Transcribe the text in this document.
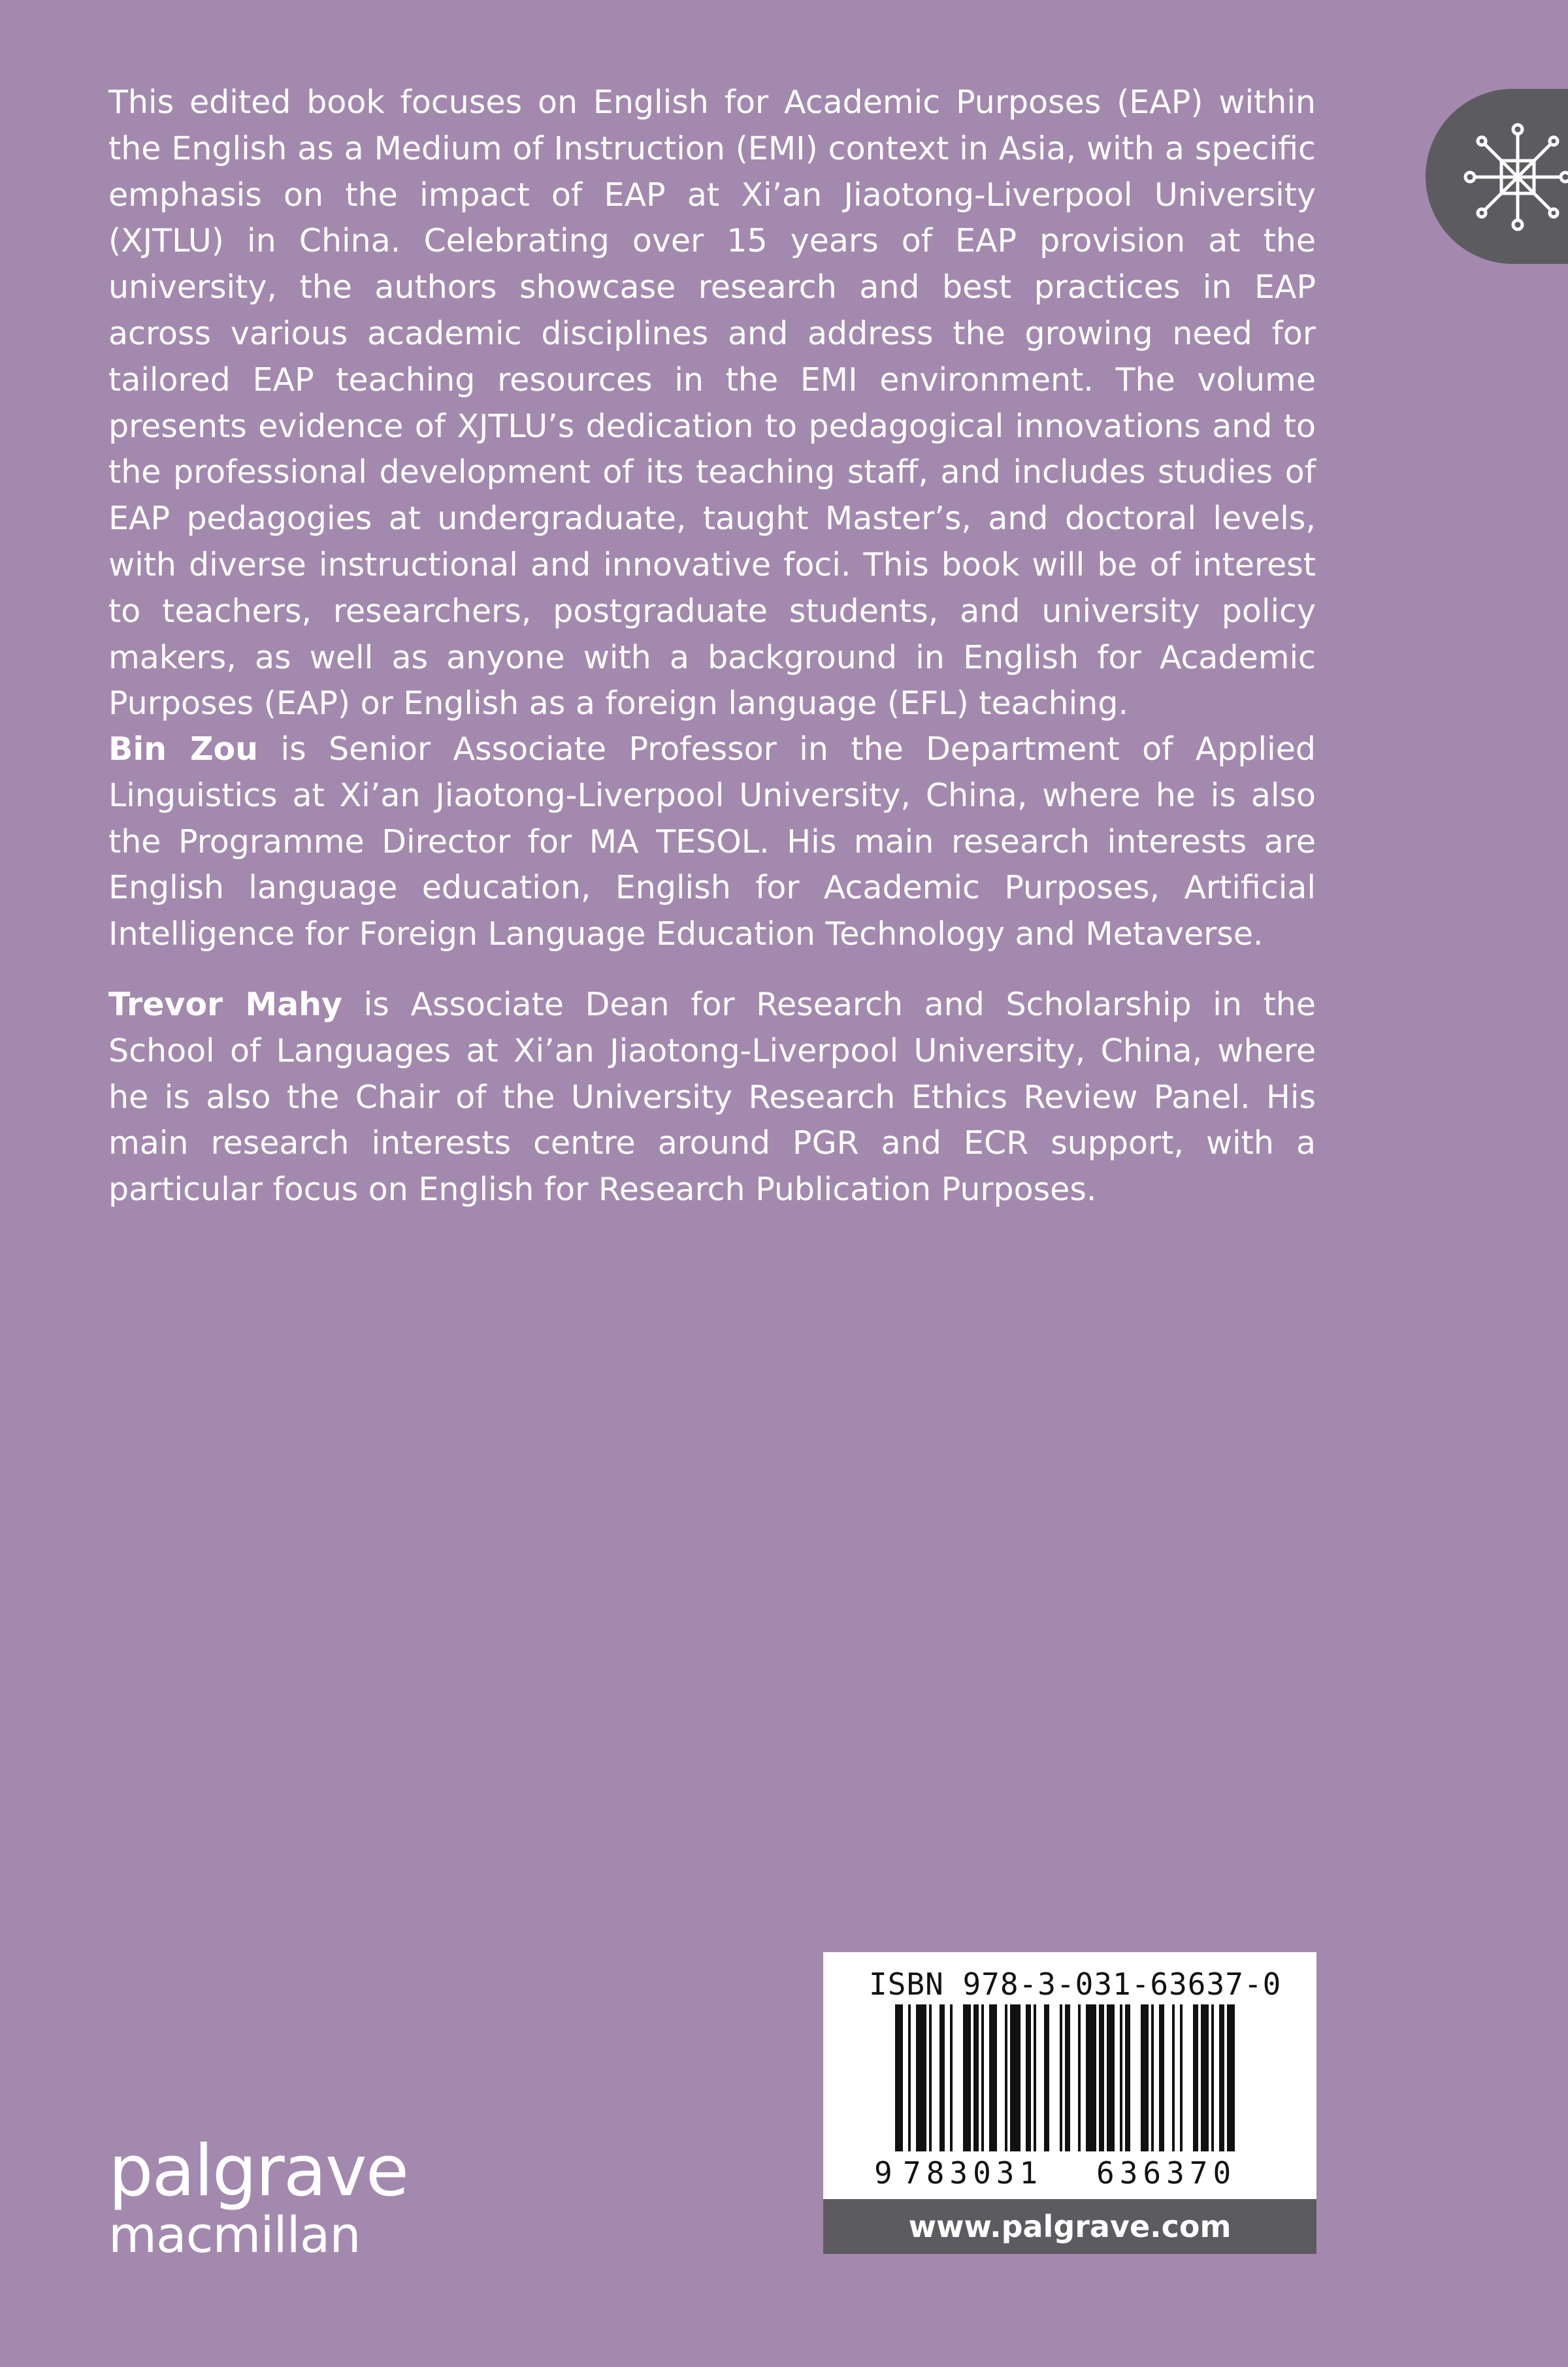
This edited book focuses on English for Academic Purposes (EAP) within the English as a Medium of Instruction (EMI) context in Asia, with a specific emphasis on the impact of EAP at Xi’an Jiaotong-Liverpool University (XJTLU) in China. Celebrating over 15 years of EAP provision at the university, the authors showcase research and best practices in EAP across various academic disciplines and address the growing need for tailored EAP teaching resources in the EMI environment. The volume presents evidence of XJTLU’s dedication to pedagogical innovations and to the professional development of its teaching staff, and includes studies of EAP pedagogies at undergraduate, taught Master’s, and doctoral levels, with diverse instructional and innovative foci. This book will be of interest to teachers, researchers, postgraduate students, and university policy makers, as well as anyone with a background in English for Academic Purposes (EAP) or English as a foreign language (EFL) teaching.

Bin Zou is Senior Associate Professor in the Department of Applied Linguistics at Xi’an Jiaotong-Liverpool University, China, where he is also the Programme Director for MA TESOL. His main research interests are English language education, English for Academic Purposes, Artificial Intelligence for Foreign Language Education Technology and Metaverse.

Trevor Mahy is Associate Dean for Research and Scholarship in the School of Languages at Xi’an Jiaotong-Liverpool University, China, where he is also the Chair of the University Research Ethics Review Panel. His main research interests centre around PGR and ECR support, with a particular focus on English for Research Publication Purposes.

palgrave
macmillan
ISBN 978-3-031-63637-0
9 783031 636370
www.palgrave.com
